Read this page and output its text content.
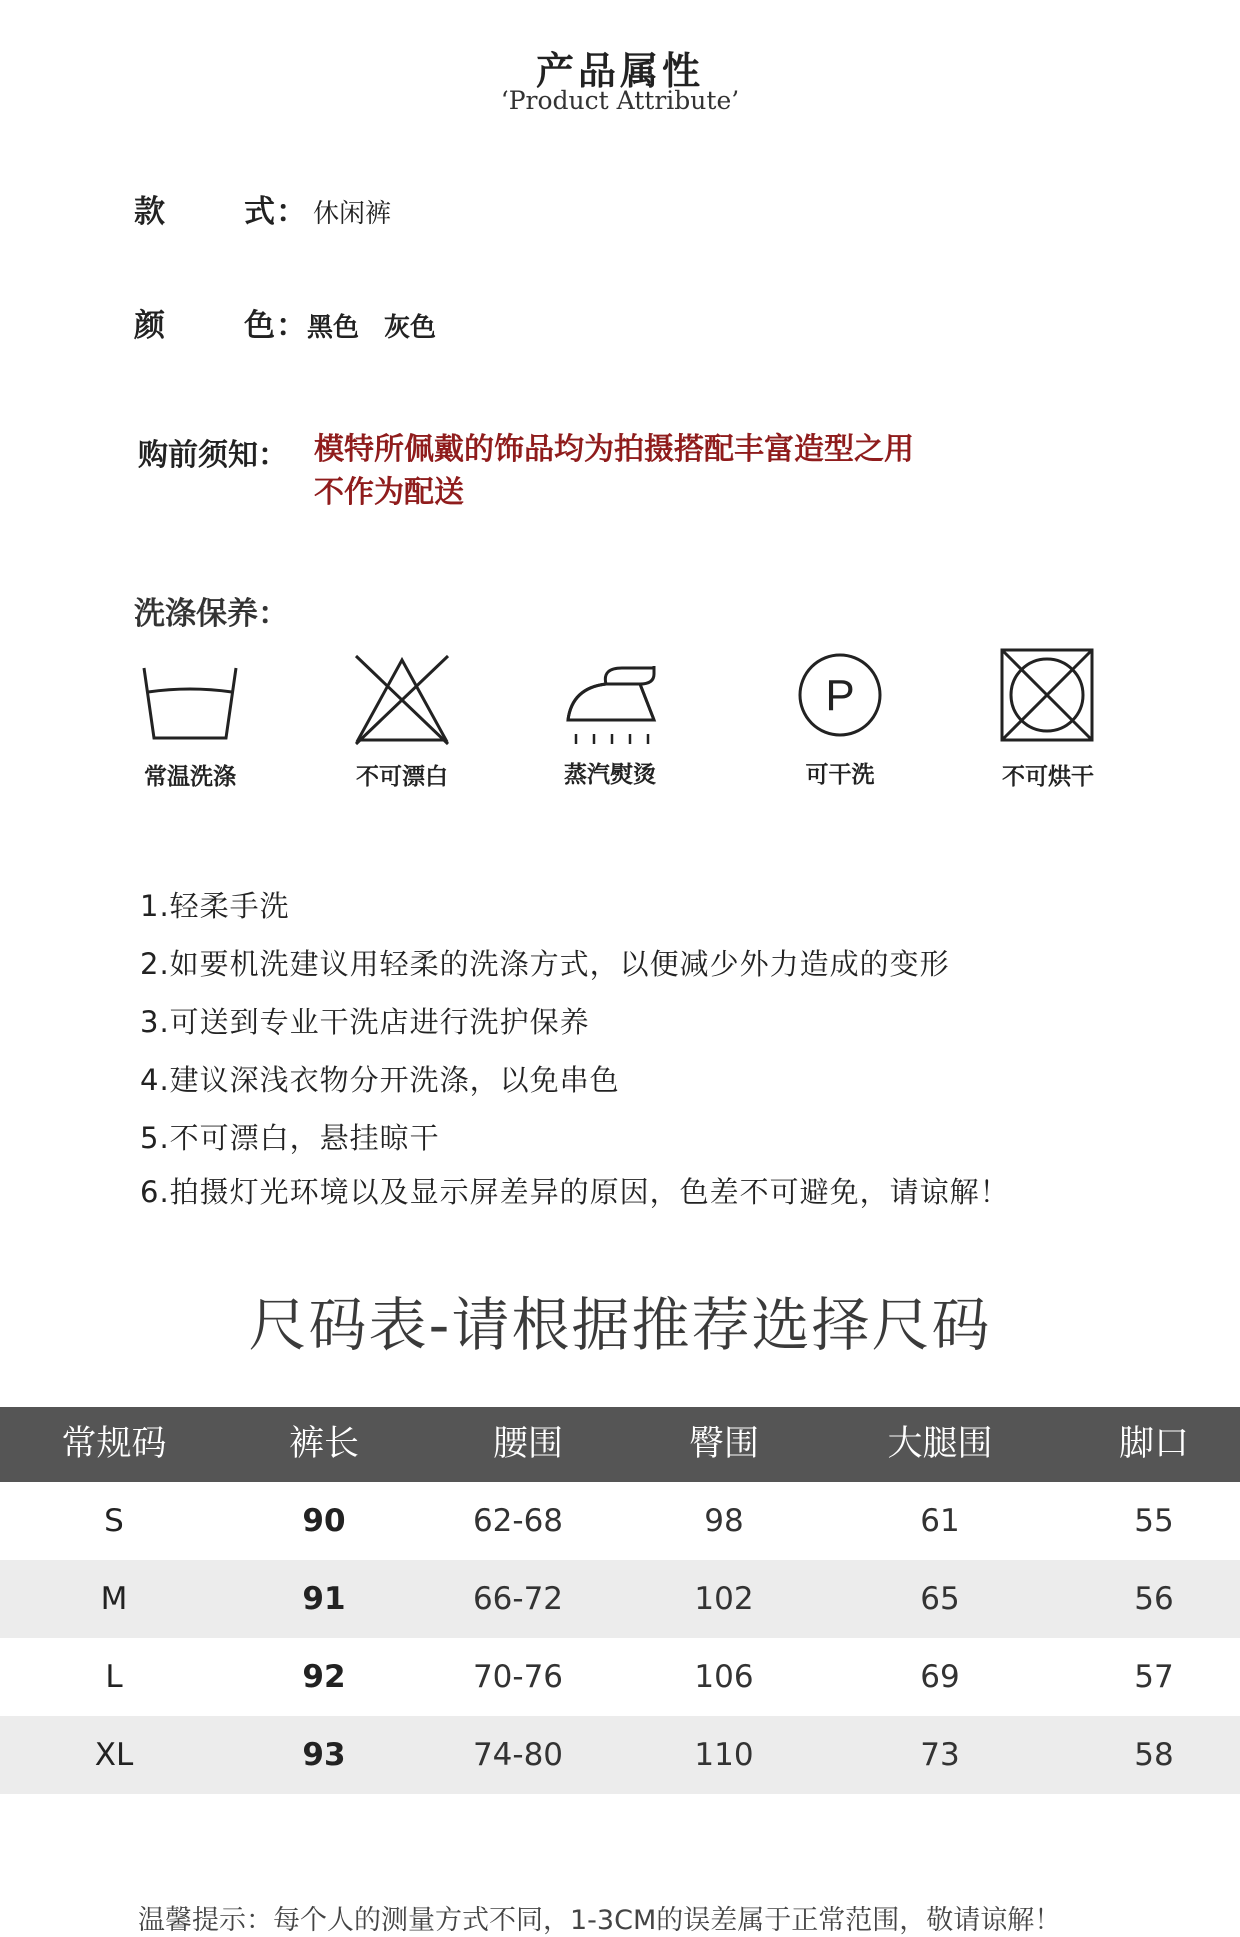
产品属性
‘Product Attribute’
款	式 ： 休闲裤
颜	色 ： 黑色 灰色
购前须知： 模特所佩戴的饰品均为拍摄搭配丰富造型之用
不作为配送
洗涤保养：
常温洗涤	不可漂白	蒸汽熨烫
P
可干洗	不可烘干
1.轻柔手洗
2.如要机洗建议用轻柔的洗涤方式，以便减少外力造成的变形
3.可送到专业干洗店进行洗护保养
4.建议深浅衣物分开洗涤，以免串色
5.不可漂白，悬挂晾干
6.拍摄灯光环境以及显示屏差异的原因，色差不可避免，请谅解！
尺码表-请根据推荐选择尺码
常规码	裤长	腰围	臀围	大腿围	脚口
S	90	62-68	98	61	55
M	91	66-72	102	65	56
L	92	70-76	106	69	57
XL	93	74-80	110	73	58
温馨提示：每个人的测量方式不同，1-3CM的误差属于正常范围，敬请谅解！
